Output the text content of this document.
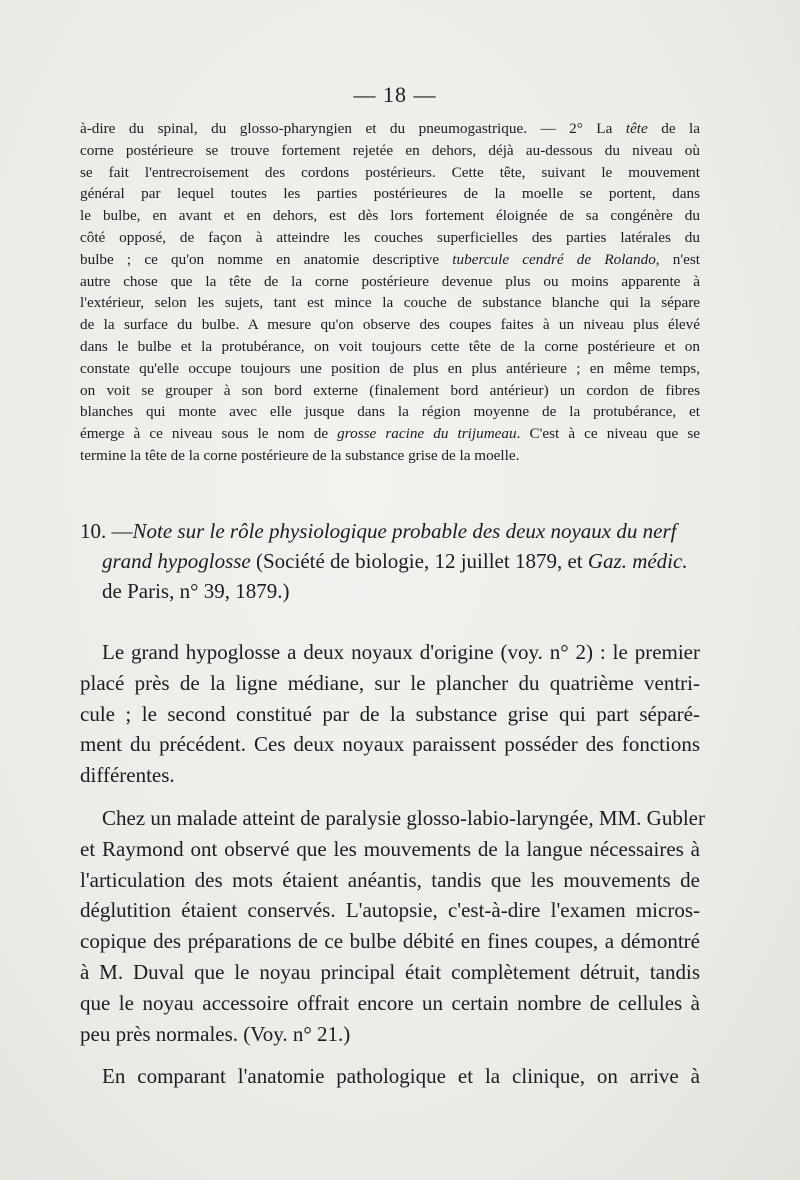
— 18 —
à-dire du spinal, du glosso-pharyngien et du pneumogastrique. — 2° La tête de la
corne postérieure se trouve fortement rejetée en dehors, déjà au-dessous du niveau où
se fait l'entrecroisement des cordons postérieurs. Cette tête, suivant le mouvement
général par lequel toutes les parties postérieures de la moelle se portent, dans
le bulbe, en avant et en dehors, est dès lors fortement éloignée de sa congénère du
côté opposé, de façon à atteindre les couches superficielles des parties latérales du
bulbe ; ce qu'on nomme en anatomie descriptive tubercule cendré de Rolando, n'est
autre chose que la tête de la corne postérieure devenue plus ou moins apparente à
l'extérieur, selon les sujets, tant est mince la couche de substance blanche qui la sépare
de la surface du bulbe. A mesure qu'on observe des coupes faites à un niveau plus élevé
dans le bulbe et la protubérance, on voit toujours cette tête de la corne postérieure et on
constate qu'elle occupe toujours une position de plus en plus antérieure ; en même temps,
on voit se grouper à son bord externe (finalement bord antérieur) un cordon de fibres
blanches qui monte avec elle jusque dans la région moyenne de la protubérance, et
émerge à ce niveau sous le nom de grosse racine du trijumeau. C'est à ce niveau que se
termine la tête de la corne postérieure de la substance grise de la moelle.
10. —Note sur le rôle physiologique probable des deux noyaux du nerf
grand hypoglosse (Société de biologie, 12 juillet 1879, et Gaz. médic.
de Paris, n° 39, 1879.)
Le grand hypoglosse a deux noyaux d'origine (voy. n° 2) : le premier
placé près de la ligne médiane, sur le plancher du quatrième ventri-
cule ; le second constitué par de la substance grise qui part séparé-
ment du précédent. Ces deux noyaux paraissent posséder des fonctions
différentes.
Chez un malade atteint de paralysie glosso-labio-laryngée, MM. Gubler
et Raymond ont observé que les mouvements de la langue nécessaires à
l'articulation des mots étaient anéantis, tandis que les mouvements de
déglutition étaient conservés. L'autopsie, c'est-à-dire l'examen micros-
copique des préparations de ce bulbe débité en fines coupes, a démontré
à M. Duval que le noyau principal était complètement détruit, tandis
que le noyau accessoire offrait encore un certain nombre de cellules à
peu près normales. (Voy. n° 21.)
En comparant l'anatomie pathologique et la clinique, on arrive à
